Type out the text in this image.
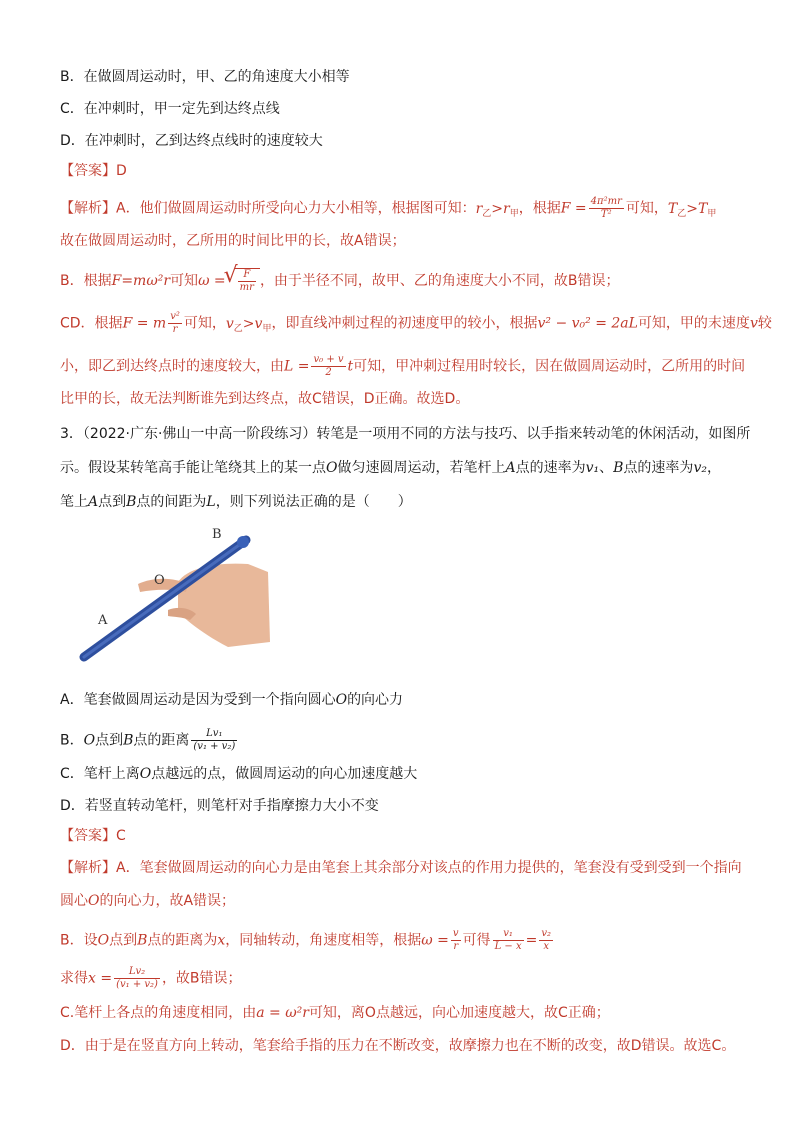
B．在做圆周运动时，甲、乙的角速度大小相等
C．在冲刺时，甲一定先到达终点线
D．在冲刺时，乙到达终点线时的速度较大
【答案】D
【解析】A．他们做圆周运动时所受向心力大小相等，根据图可知：$r_乙>r_甲$，根据$F = \frac{\text{4π²mr}}{\text{T²}}$ 可知，$T_乙>T_甲$
故在做圆周运动时，乙所用的时间比甲的长，故A错误；
B．根据F=mω²r可知ω =
√ $\frac{F}{mr}$ ，由于半径不同，故甲、乙的角速度大小不同，故B错误；
CD．根据F = m $\frac{\text{v²}}{r}$ 可知，$v_乙>v_甲$，即直线冲刺过程的初速度甲的较小，根据v² − v₀² = 2aL可知，甲的末速度v较
小，即乙到达终点时的速度较大，由$L = \frac{\text{v₀ + v}}{2}$ t可知，甲冲刺过程用时较长，因在做圆周运动时，乙所用的时间
比甲的长，故无法判断谁先到达终点，故C错误，D正确。故选D。
3．（2022·广东·佛山一中高一阶段练习）转笔是一项用不同的方法与技巧、以手指来转动笔的休闲活动，如图所
示。假设某转笔高手能让笔绕其上的某一点O做匀速圆周运动，若笔杆上A点的速率为v₁、B点的速率为v₂，
笔上A点到B点的间距为L，则下列说法正确的是（　　）
B
O
A
A．笔套做圆周运动是因为受到一个指向圆心O的向心力
B．O点到B点的距离 $\frac{\text{Lv₁}}{\text{(v₁ + v₂)}}$
C．笔杆上离O点越远的点，做圆周运动的向心加速度越大
D．若竖直转动笔杆，则笔杆对手指摩擦力大小不变
【答案】C
【解析】A．笔套做圆周运动的向心力是由笔套上其余部分对该点的作用力提供的，笔套没有受到受到一个指向
圆心O的向心力，故A错误；
B．设O点到B点的距离为x，同轴转动，角速度相等，根据$\omega = \frac{v}{r}$ 可得 $\frac{\text{v₁}}{L - x} = \frac{\text{v₂}}{x}$
求得$x = \frac{\text{Lv₂}}{\text{(v₁ + v₂)}}$ ，故B错误；
C.笔杆上各点的角速度相同，由a = ω²r可知，离O点越远，向心加速度越大，故C正确；
D．由于是在竖直方向上转动，笔套给手指的压力在不断改变，故摩擦力也在不断的改变，故D错误。故选C。
